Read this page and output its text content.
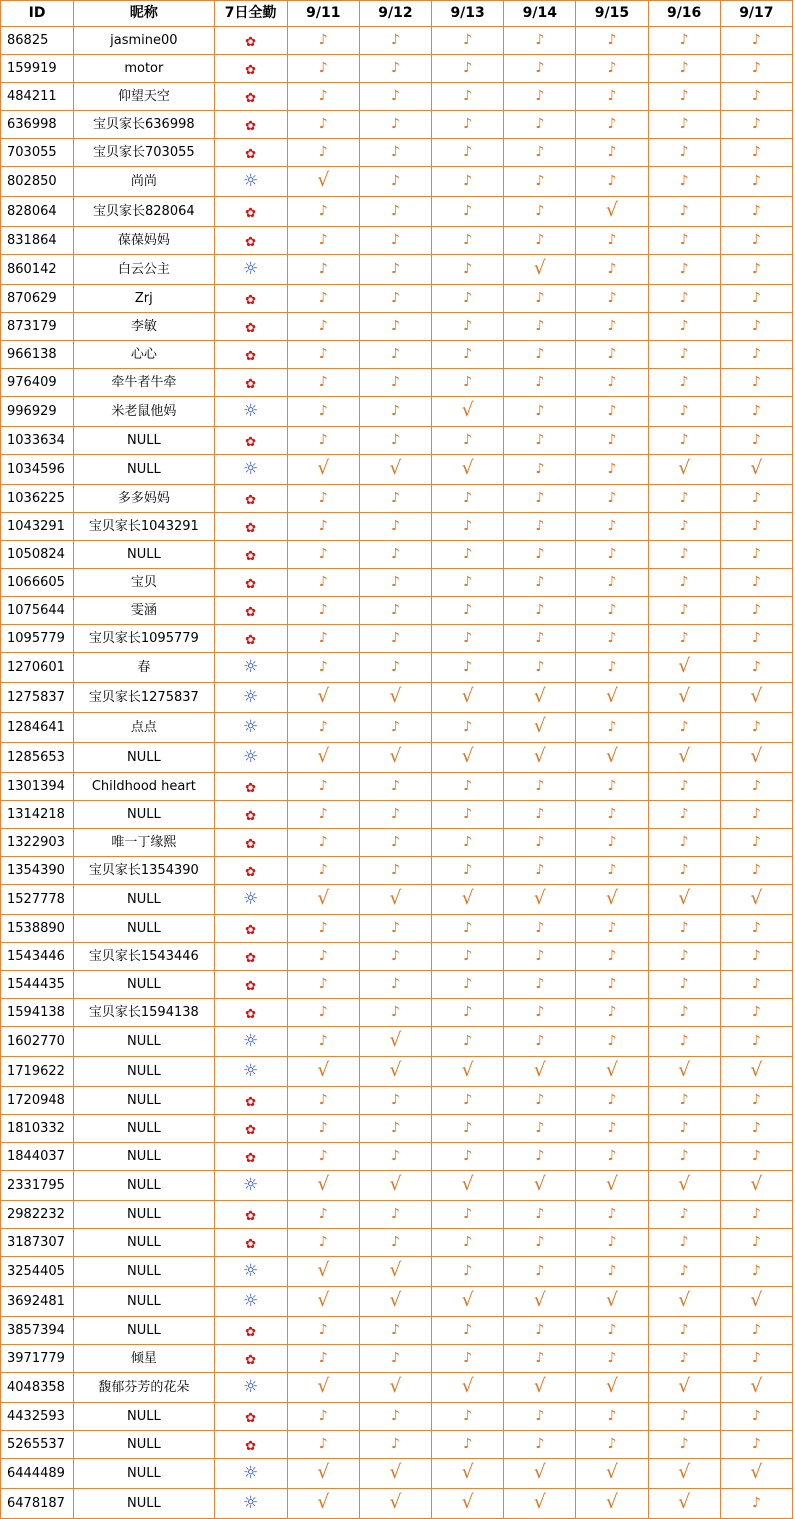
ID	昵称	7日全勤	9/11	9/12	9/13	9/14	9/15	9/16	9/17
86825	jasmine00	✿	♪	♪	♪	♪	♪	♪	♪
159919	motor	✿	♪	♪	♪	♪	♪	♪	♪
484211	仰望天空	✿	♪	♪	♪	♪	♪	♪	♪
636998	宝贝家长636998	✿	♪	♪	♪	♪	♪	♪	♪
703055	宝贝家长703055	✿	♪	♪	♪	♪	♪	♪	♪
802850	尚尚	☼	√	♪	♪	♪	♪	♪	♪
828064	宝贝家长828064	✿	♪	♪	♪	♪	√	♪	♪
831864	葆葆妈妈	✿	♪	♪	♪	♪	♪	♪	♪
860142	白云公主	☼	♪	♪	♪	√	♪	♪	♪
870629	Zrj	✿	♪	♪	♪	♪	♪	♪	♪
873179	李敏	✿	♪	♪	♪	♪	♪	♪	♪
966138	心心	✿	♪	♪	♪	♪	♪	♪	♪
976409	牵牛者牛牵	✿	♪	♪	♪	♪	♪	♪	♪
996929	米老鼠他妈	☼	♪	♪	√	♪	♪	♪	♪
1033634	NULL	✿	♪	♪	♪	♪	♪	♪	♪
1034596	NULL	☼	√	√	√	♪	♪	√	√
1036225	多多妈妈	✿	♪	♪	♪	♪	♪	♪	♪
1043291	宝贝家长1043291	✿	♪	♪	♪	♪	♪	♪	♪
1050824	NULL	✿	♪	♪	♪	♪	♪	♪	♪
1066605	宝贝	✿	♪	♪	♪	♪	♪	♪	♪
1075644	雯涵	✿	♪	♪	♪	♪	♪	♪	♪
1095779	宝贝家长1095779	✿	♪	♪	♪	♪	♪	♪	♪
1270601	春	☼	♪	♪	♪	♪	♪	√	♪
1275837	宝贝家长1275837	☼	√	√	√	√	√	√	√
1284641	点点	☼	♪	♪	♪	√	♪	♪	♪
1285653	NULL	☼	√	√	√	√	√	√	√
1301394	Childhood heart	✿	♪	♪	♪	♪	♪	♪	♪
1314218	NULL	✿	♪	♪	♪	♪	♪	♪	♪
1322903	唯一丁缘熙	✿	♪	♪	♪	♪	♪	♪	♪
1354390	宝贝家长1354390	✿	♪	♪	♪	♪	♪	♪	♪
1527778	NULL	☼	√	√	√	√	√	√	√
1538890	NULL	✿	♪	♪	♪	♪	♪	♪	♪
1543446	宝贝家长1543446	✿	♪	♪	♪	♪	♪	♪	♪
1544435	NULL	✿	♪	♪	♪	♪	♪	♪	♪
1594138	宝贝家长1594138	✿	♪	♪	♪	♪	♪	♪	♪
1602770	NULL	☼	♪	√	♪	♪	♪	♪	♪
1719622	NULL	☼	√	√	√	√	√	√	√
1720948	NULL	✿	♪	♪	♪	♪	♪	♪	♪
1810332	NULL	✿	♪	♪	♪	♪	♪	♪	♪
1844037	NULL	✿	♪	♪	♪	♪	♪	♪	♪
2331795	NULL	☼	√	√	√	√	√	√	√
2982232	NULL	✿	♪	♪	♪	♪	♪	♪	♪
3187307	NULL	✿	♪	♪	♪	♪	♪	♪	♪
3254405	NULL	☼	√	√	♪	♪	♪	♪	♪
3692481	NULL	☼	√	√	√	√	√	√	√
3857394	NULL	✿	♪	♪	♪	♪	♪	♪	♪
3971779	倾星	✿	♪	♪	♪	♪	♪	♪	♪
4048358	馥郁芬芳的花朵	☼	√	√	√	√	√	√	√
4432593	NULL	✿	♪	♪	♪	♪	♪	♪	♪
5265537	NULL	✿	♪	♪	♪	♪	♪	♪	♪
6444489	NULL	☼	√	√	√	√	√	√	√
6478187	NULL	☼	√	√	√	√	√	√	♪
